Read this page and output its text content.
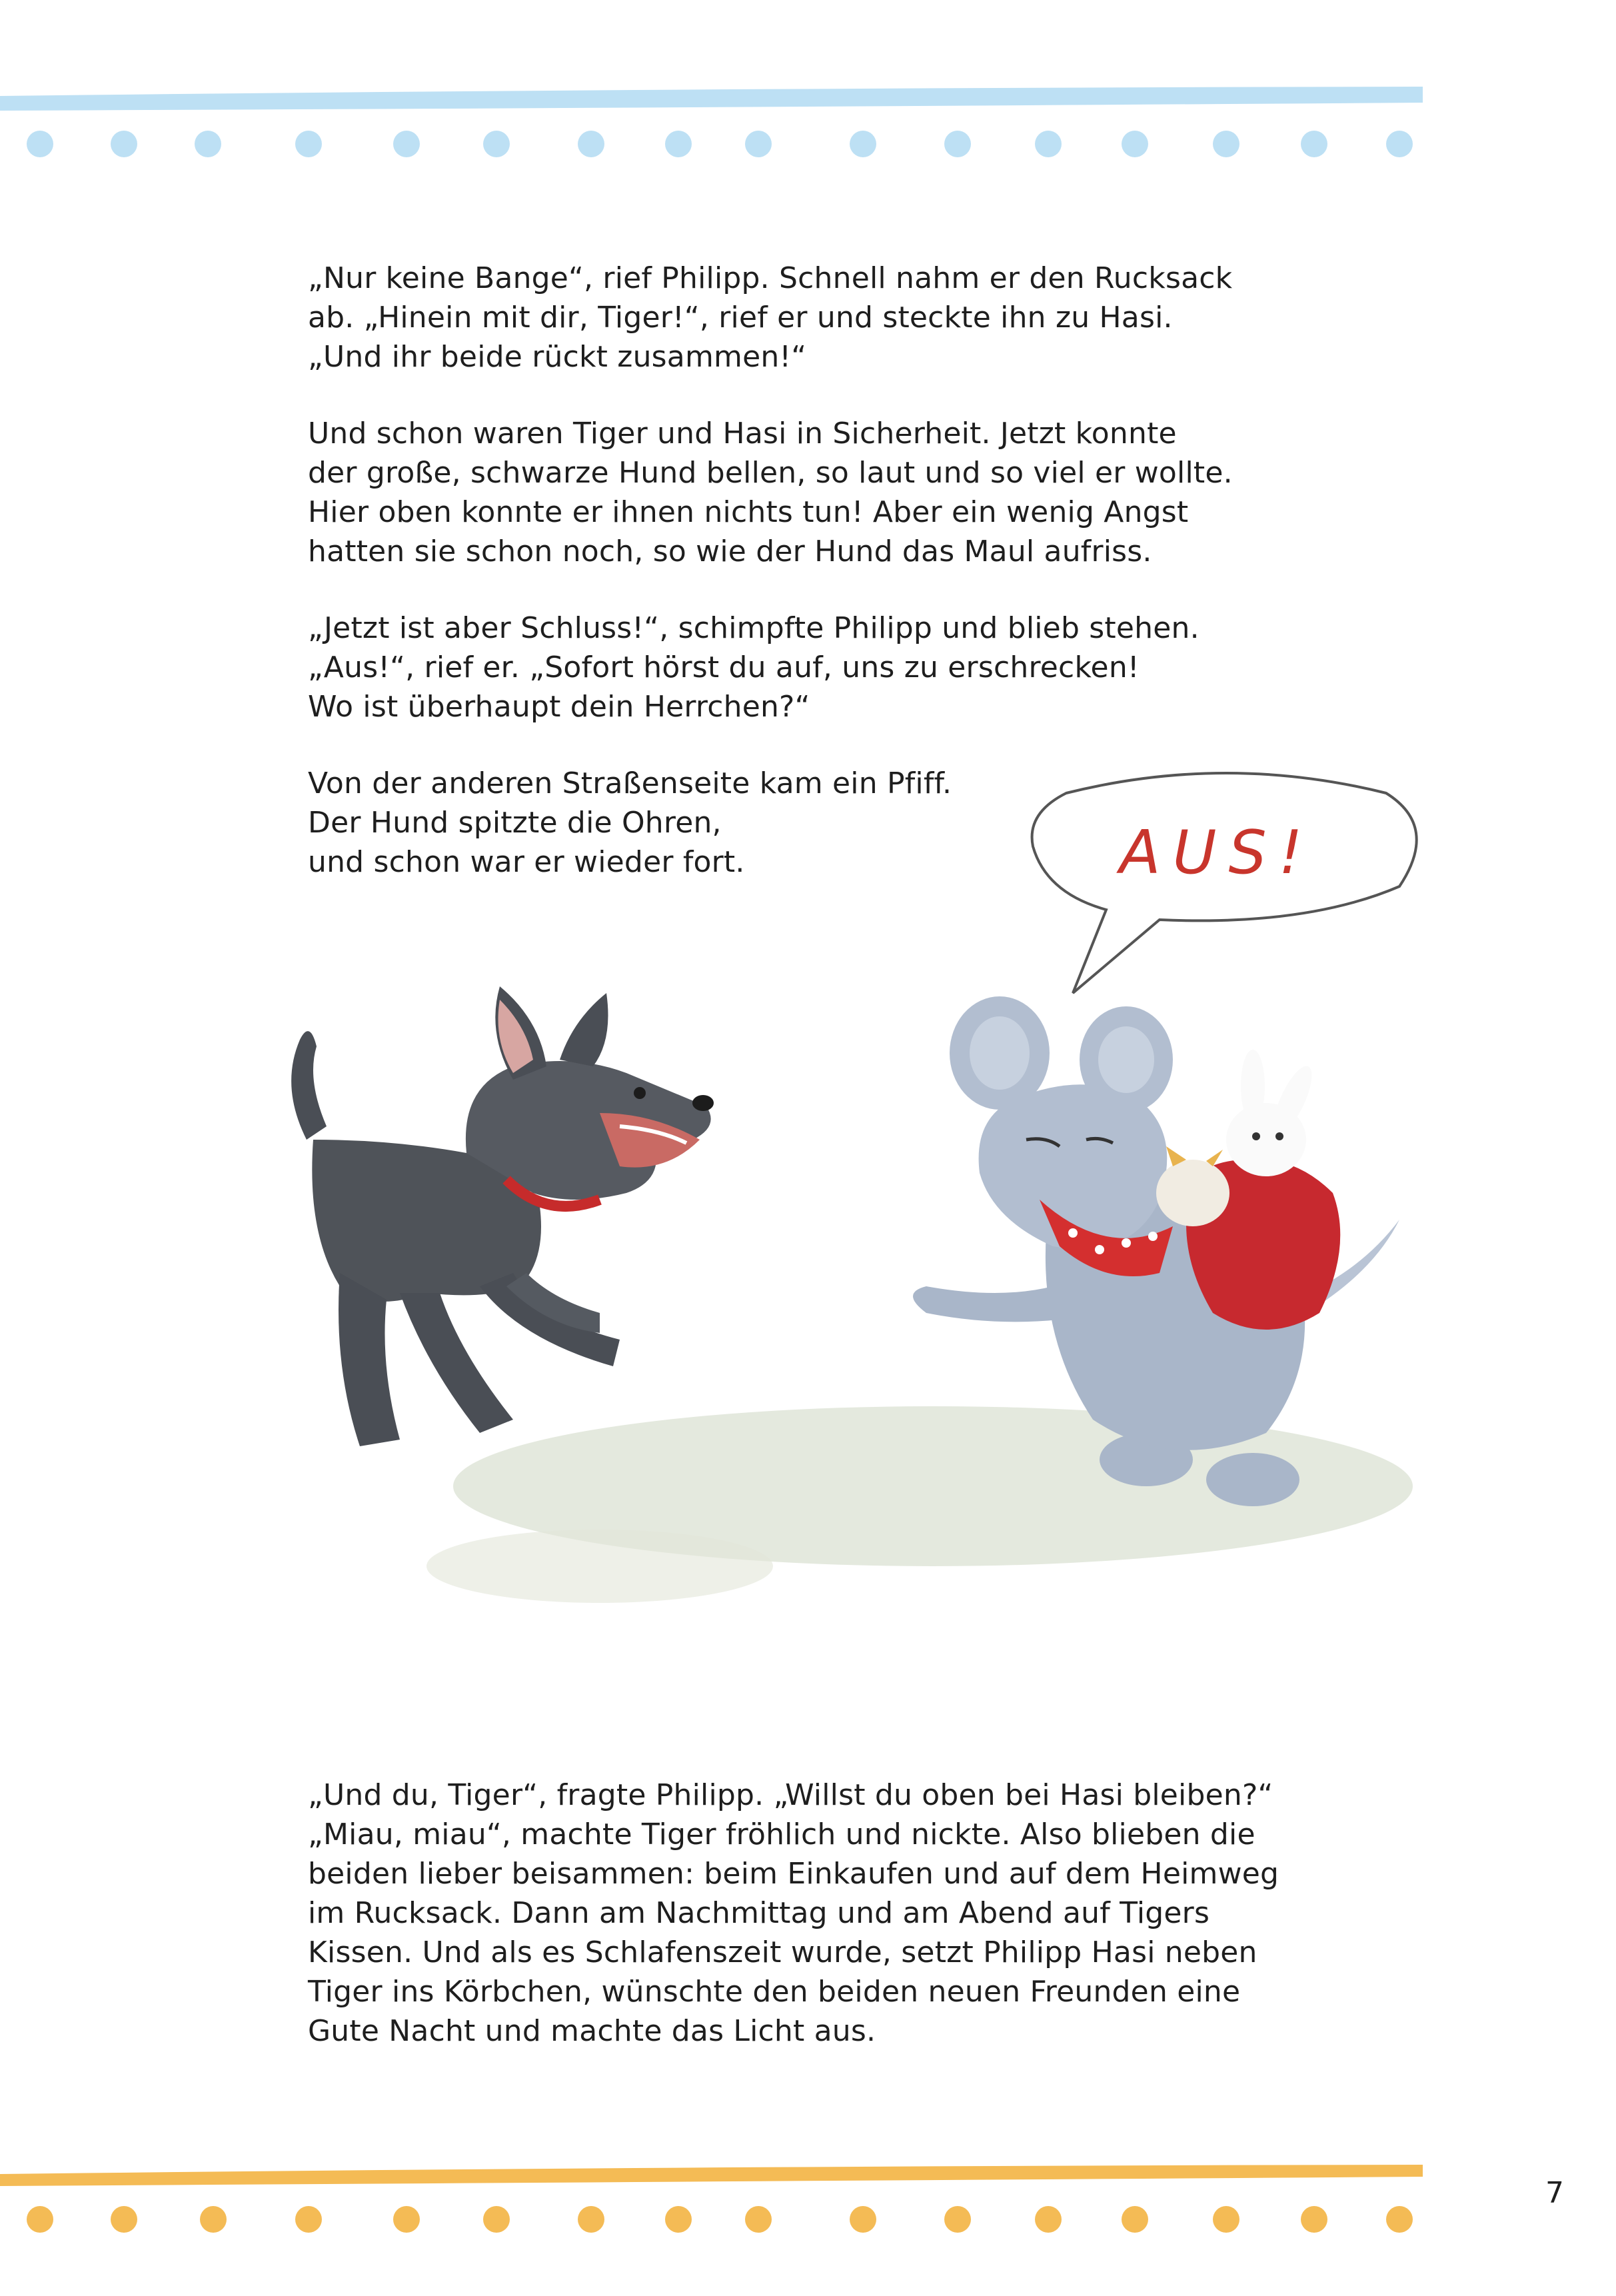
„Nur keine Bange“, rief Philipp. Schnell nahm er den Rucksack
ab. „Hinein mit dir, Tiger!“, rief er und steckte ihn zu Hasi.
„Und ihr beide rückt zusammen!“

Und schon waren Tiger und Hasi in Sicherheit. Jetzt konnte
der große, schwarze Hund bellen, so laut und so viel er wollte.
Hier oben konnte er ihnen nichts tun! Aber ein wenig Angst
hatten sie schon noch, so wie der Hund das Maul aufriss.

„Jetzt ist aber Schluss!“, schimpfte Philipp und blieb stehen.
„Aus!“, rief er. „Sofort hörst du auf, uns zu erschrecken!
Wo ist überhaupt dein Herrchen?“

Von der anderen Straßenseite kam ein Pfiff.
Der Hund spitzte die Ohren,
und schon war er wieder fort.	AUS!

„Und du, Tiger“, fragte Philipp. „Willst du oben bei Hasi bleiben?“
„Miau, miau“, machte Tiger fröhlich und nickte. Also blieben die
beiden lieber beisammen: beim Einkaufen und auf dem Heimweg
im Rucksack. Dann am Nachmittag und am Abend auf Tigers
Kissen. Und als es Schlafenszeit wurde, setzt Philipp Hasi neben
Tiger ins Körbchen, wünschte den beiden neuen Freunden eine
Gute Nacht und machte das Licht aus.

7
